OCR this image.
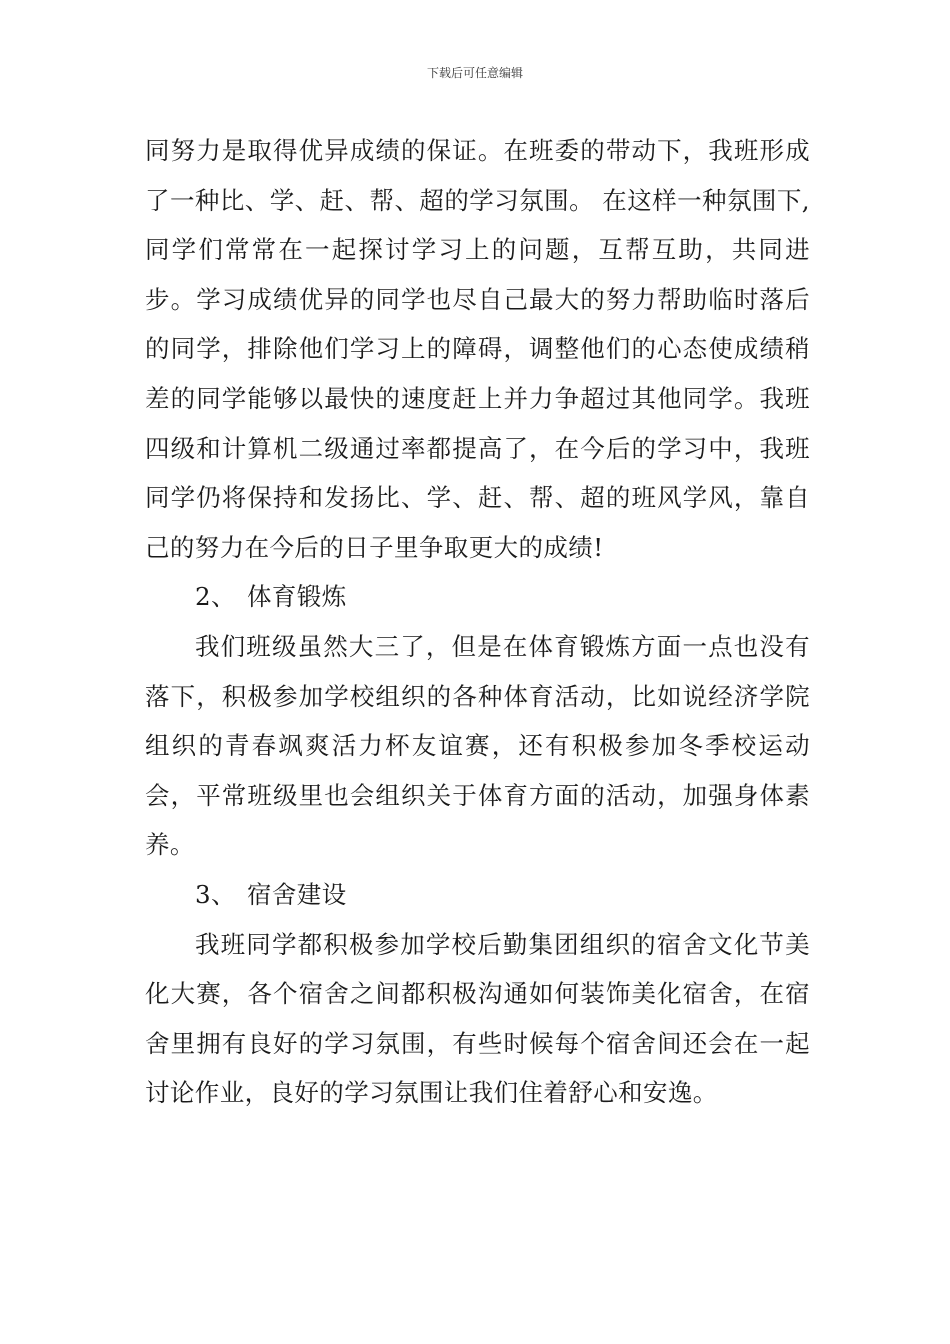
下载后可任意编辑

同努力是取得优异成绩的保证。在班委的带动下，我班形成了一种比、学、赶、帮、超的学习氛围。 在这样一种氛围下,同学们常常在一起探讨学习上的问题，互帮互助，共同进步。学习成绩优异的同学也尽自己最大的努力帮助临时落后的同学，排除他们学习上的障碍，调整他们的心态使成绩稍差的同学能够以最快的速度赶上并力争超过其他同学。我班四级和计算机二级通过率都提高了，在今后的学习中，我班同学仍将保持和发扬比、学、赶、帮、超的班风学风，靠自己的努力在今后的日子里争取更大的成绩!

2、 体育锻炼

我们班级虽然大三了，但是在体育锻炼方面一点也没有落下，积极参加学校组织的各种体育活动，比如说经济学院组织的青春飒爽活力杯友谊赛，还有积极参加冬季校运动会，平常班级里也会组织关于体育方面的活动，加强身体素养。

3、 宿舍建设

我班同学都积极参加学校后勤集团组织的宿舍文化节美化大赛，各个宿舍之间都积极沟通如何装饰美化宿舍，在宿舍里拥有良好的学习氛围，有些时候每个宿舍间还会在一起讨论作业，良好的学习氛围让我们住着舒心和安逸。
